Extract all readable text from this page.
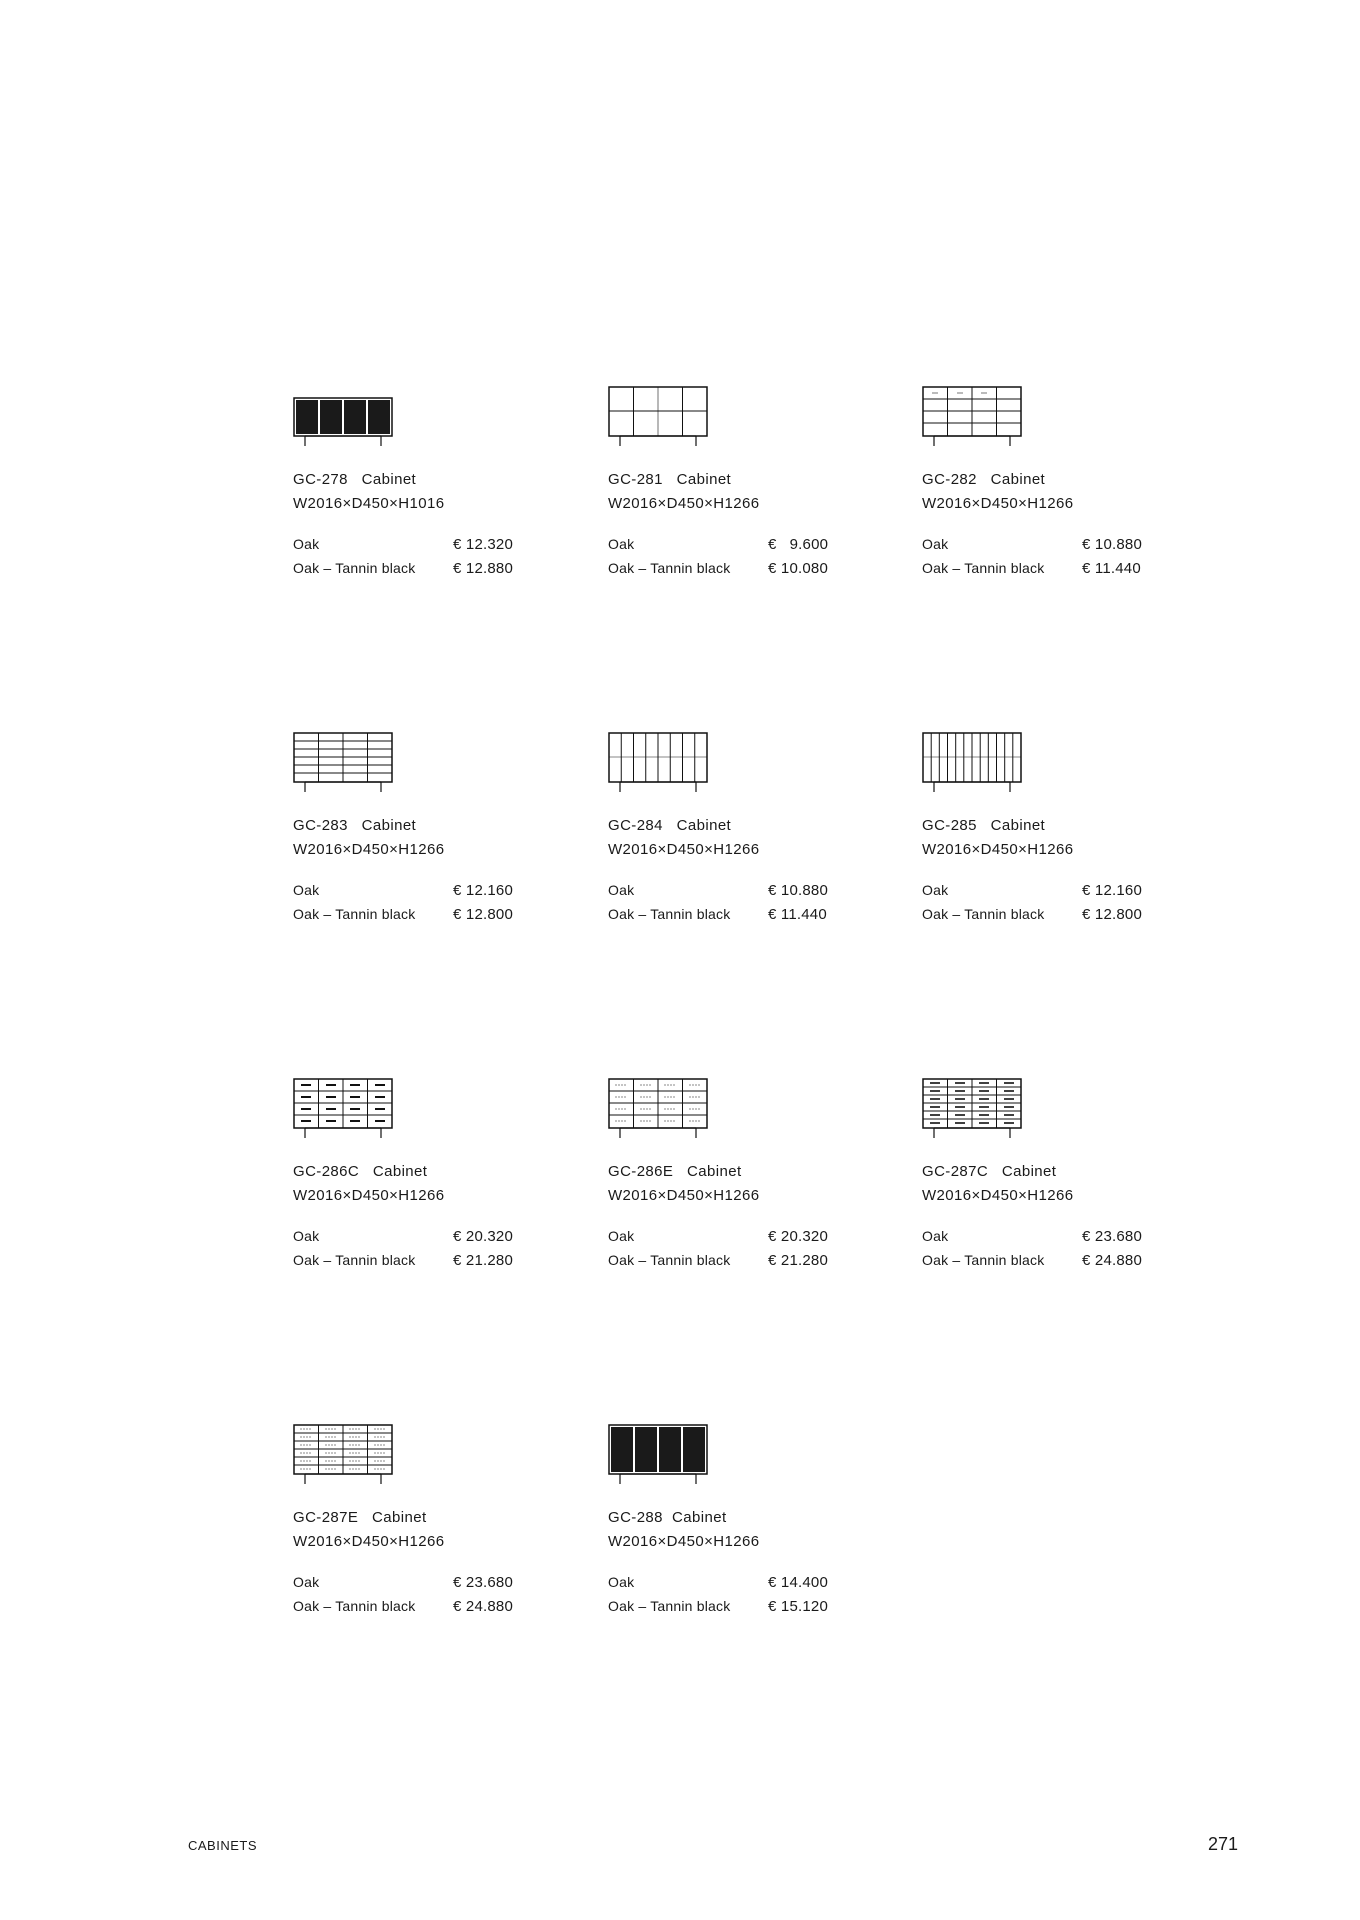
GC-278   Cabinet
W2016×D450×H1016
Oak	€ 12.320
Oak – Tannin black	€ 12.880
GC-281   Cabinet
W2016×D450×H1266
Oak	€   9.600
Oak – Tannin black	€ 10.080
GC-282   Cabinet
W2016×D450×H1266
Oak	€ 10.880
Oak – Tannin black	€ 11.440
GC-283   Cabinet
W2016×D450×H1266
Oak	€ 12.160
Oak – Tannin black	€ 12.800
GC-284   Cabinet
W2016×D450×H1266
Oak	€ 10.880
Oak – Tannin black	€ 11.440
GC-285   Cabinet
W2016×D450×H1266
Oak	€ 12.160
Oak – Tannin black	€ 12.800
GC-286C   Cabinet
W2016×D450×H1266
Oak	€ 20.320
Oak – Tannin black	€ 21.280
GC-286E   Cabinet
W2016×D450×H1266
Oak	€ 20.320
Oak – Tannin black	€ 21.280
GC-287C   Cabinet
W2016×D450×H1266
Oak	€ 23.680
Oak – Tannin black	€ 24.880
GC-287E   Cabinet
W2016×D450×H1266
Oak	€ 23.680
Oak – Tannin black	€ 24.880
GC-288  Cabinet
W2016×D450×H1266
Oak	€ 14.400
Oak – Tannin black	€ 15.120
CABINETS	271
